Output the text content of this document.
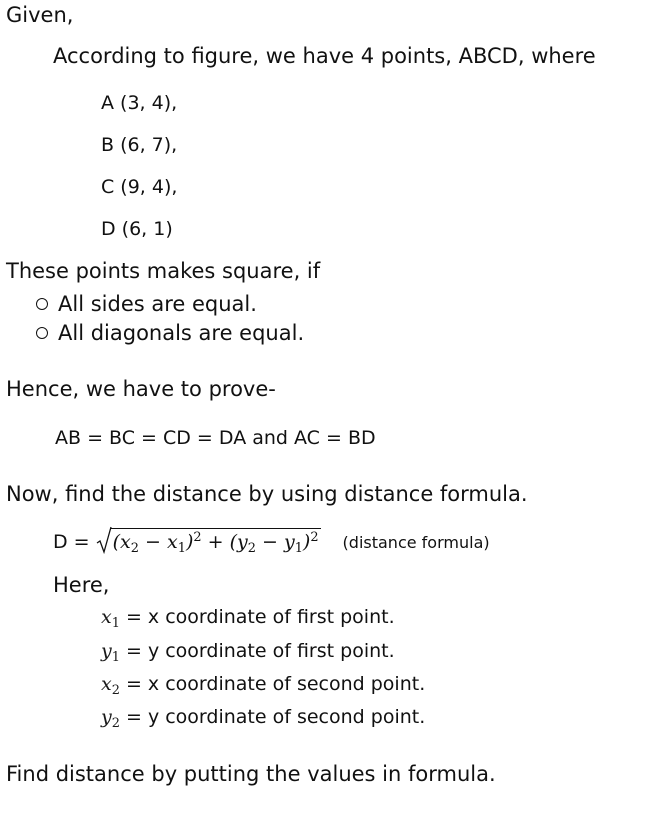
Given,
According to figure, we have 4 points, ABCD, where
A (3, 4),
B (6, 7),
C (9, 4),
D (6, 1)
These points makes square, if
All sides are equal.
All diagonals are equal.
Hence, we have to prove-
AB = BC = CD = DA and AC = BD
Now, find the distance by using distance formula.
D =
$(x_2 - x_1)^2 + (y_2 - y_1)^2$ (distance formula)
Here,
$x_1 = x$ coordinate of first point.
$y_1 = y$ coordinate of first point.
$x_2 = x$ coordinate of second point.
$y_2 = y$ coordinate of second point.
Find distance by putting the values in formula.
